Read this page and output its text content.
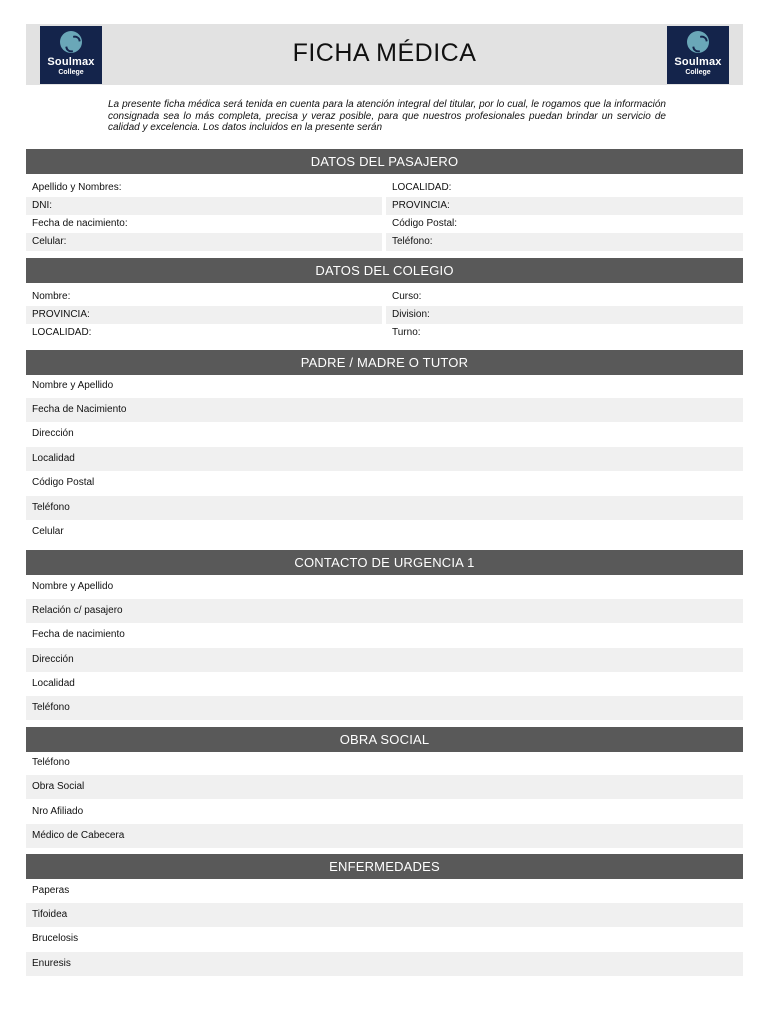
Soulmax
College
FICHA MÉDICA	Soulmax
College
La presente ficha médica será tenida en cuenta para la atención integral del titular, por lo cual, le rogamos que la información consignada sea lo más completa, precisa y veraz posible, para que nuestros profesionales puedan brindar un servicio de calidad y excelencia. Los datos incluidos en la presente serán
DATOS DEL PASAJERO
Apellido y Nombres:	LOCALIDAD:
DNI:	PROVINCIA:
Fecha de nacimiento:	Código Postal:
Celular:	Teléfono:
DATOS DEL COLEGIO
Nombre:	Curso:
PROVINCIA:	Division:
LOCALIDAD:	Turno:
PADRE / MADRE O TUTOR
Nombre y Apellido
Fecha de Nacimiento
Dirección
Localidad
Código Postal
Teléfono
Celular
CONTACTO DE URGENCIA 1
Nombre y Apellido
Relación c/ pasajero
Fecha de nacimiento
Dirección
Localidad
Teléfono
OBRA SOCIAL
Teléfono
Obra Social
Nro Afiliado
Médico de Cabecera
ENFERMEDADES
Paperas
Tifoidea
Brucelosis
Enuresis
